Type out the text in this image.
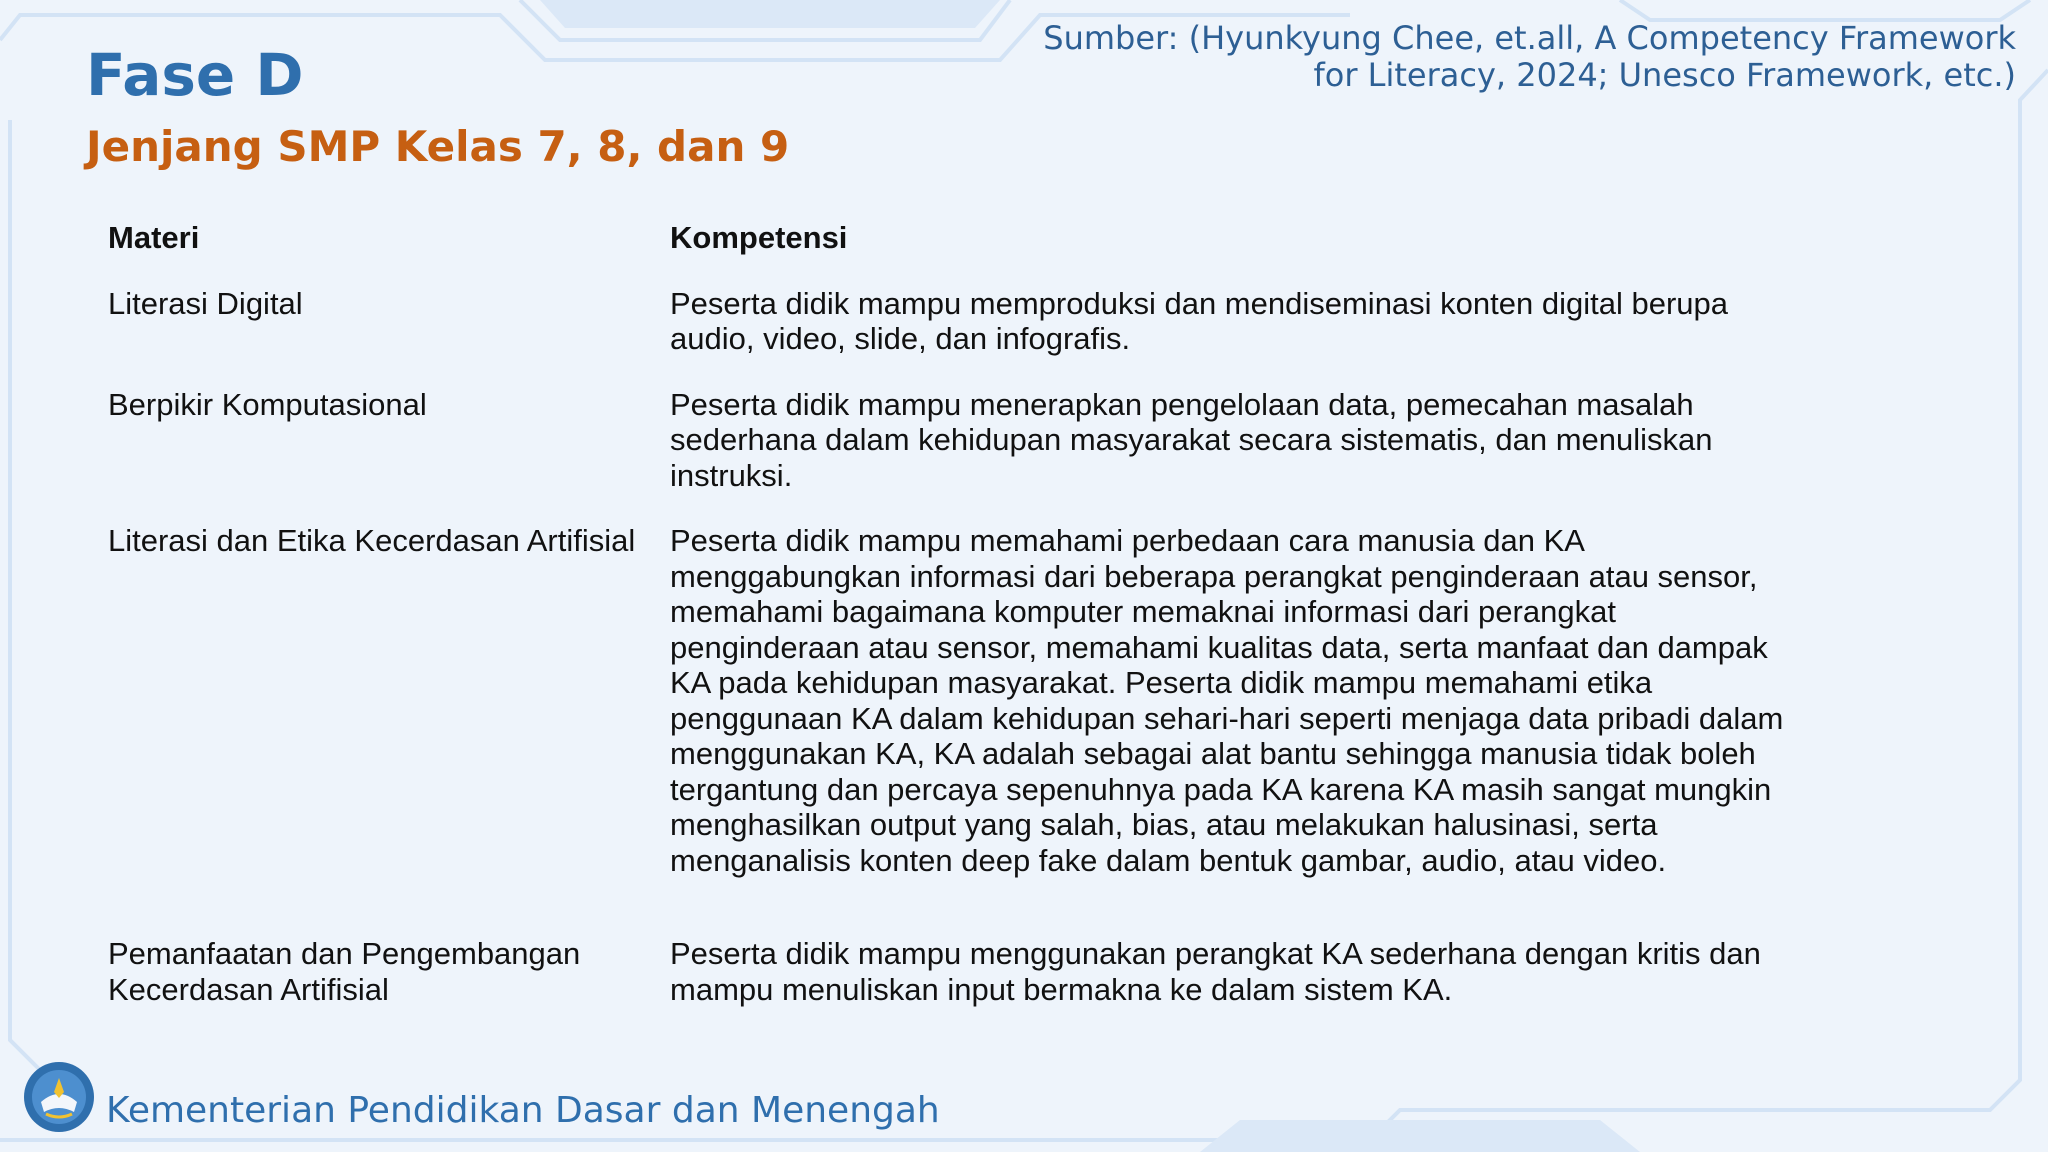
Sumber: (Hyunkyung Chee, et.all, A Competency Framework
for Literacy, 2024; Unesco Framework, etc.)
Fase D
Jenjang SMP Kelas 7, 8, dan 9
Materi	Kompetensi
Literasi Digital	Peserta didik mampu memproduksi dan mendiseminasi konten digital berupa audio, video, slide, dan infografis.
Berpikir Komputasional	Peserta didik mampu menerapkan pengelolaan data, pemecahan masalah sederhana dalam kehidupan masyarakat secara sistematis, dan menuliskan instruksi.
Literasi dan Etika Kecerdasan Artifisial	Peserta didik mampu memahami perbedaan cara manusia dan KA menggabungkan informasi dari beberapa perangkat penginderaan atau sensor, memahami bagaimana komputer memaknai informasi dari perangkat penginderaan atau sensor, memahami kualitas data, serta manfaat dan dampak KA pada kehidupan masyarakat. Peserta didik mampu memahami etika penggunaan KA dalam kehidupan sehari-hari seperti menjaga data pribadi dalam menggunakan KA, KA adalah sebagai alat bantu sehingga manusia tidak boleh tergantung dan percaya sepenuhnya pada KA karena KA masih sangat mungkin menghasilkan output yang salah, bias, atau melakukan halusinasi, serta menganalisis konten deep fake dalam bentuk gambar, audio, atau video.
Pemanfaatan dan Pengembangan Kecerdasan Artifisial	Peserta didik mampu menggunakan perangkat KA sederhana dengan kritis dan mampu menuliskan input bermakna ke dalam sistem KA.
Kementerian Pendidikan Dasar dan Menengah
